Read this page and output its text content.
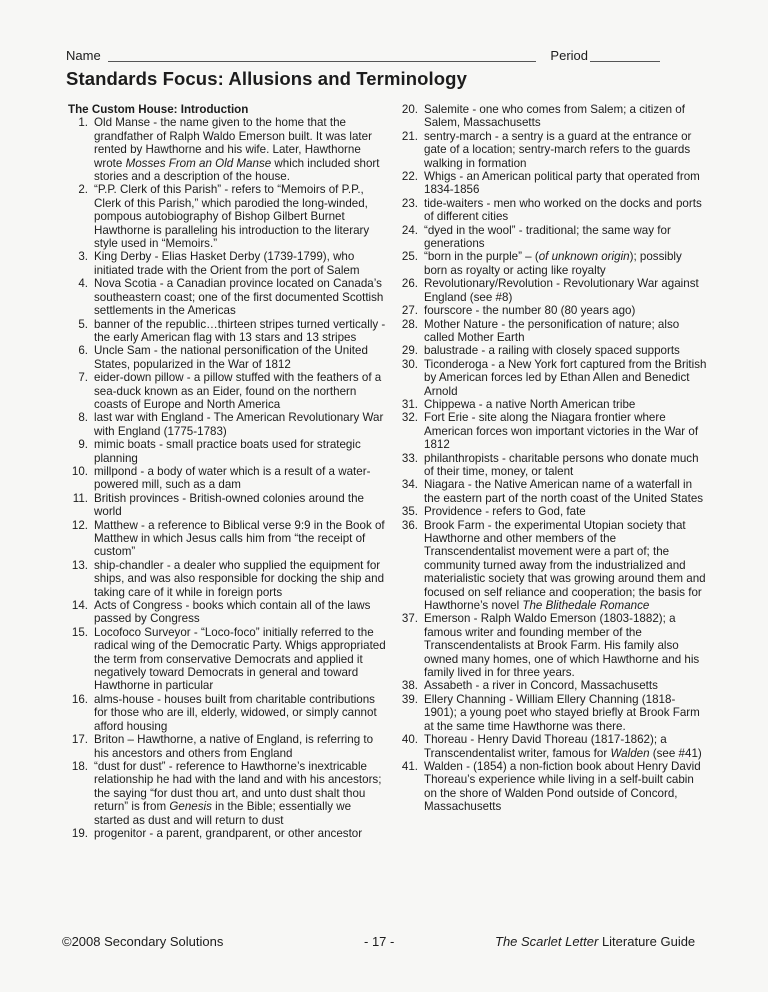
Name	Period
Standards Focus: Allusions and Terminology
The Custom House: Introduction
1. Old Manse - the name given to the home that the grandfather of Ralph Waldo Emerson built. It was later rented by Hawthorne and his wife. Later, Hawthorne wrote Mosses From an Old Manse which included short stories and a description of the house.
2. “P.P. Clerk of this Parish” - refers to “Memoirs of P.P., Clerk of this Parish,” which parodied the long-winded, pompous autobiography of Bishop Gilbert Burnet Hawthorne is paralleling his introduction to the literary style used in “Memoirs.”
3. King Derby - Elias Hasket Derby (1739-1799), who initiated trade with the Orient from the port of Salem
4. Nova Scotia - a Canadian province located on Canada’s southeastern coast; one of the first documented Scottish settlements in the Americas
5. banner of the republic…thirteen stripes turned vertically - the early American flag with 13 stars and 13 stripes
6. Uncle Sam - the national personification of the United States, popularized in the War of 1812
7. eider-down pillow - a pillow stuffed with the feathers of a sea-duck known as an Eider, found on the northern coasts of Europe and North America
8. last war with England - The American Revolutionary War with England (1775-1783)
9. mimic boats - small practice boats used for strategic planning
10. millpond - a body of water which is a result of a water-powered mill, such as a dam
11. British provinces - British-owned colonies around the world
12. Matthew - a reference to Biblical verse 9:9 in the Book of Matthew in which Jesus calls him from “the receipt of custom”
13. ship-chandler - a dealer who supplied the equipment for ships, and was also responsible for docking the ship and taking care of it while in foreign ports
14. Acts of Congress - books which contain all of the laws passed by Congress
15. Locofoco Surveyor - “Loco-foco” initially referred to the radical wing of the Democratic Party. Whigs appropriated the term from conservative Democrats and applied it negatively toward Democrats in general and toward Hawthorne in particular
16. alms-house - houses built from charitable contributions for those who are ill, elderly, widowed, or simply cannot afford housing
17. Briton – Hawthorne, a native of England, is referring to his ancestors and others from England
18. “dust for dust” - reference to Hawthorne’s inextricable relationship he had with the land and with his ancestors; the saying “for dust thou art, and unto dust shalt thou return” is from Genesis in the Bible; essentially we started as dust and will return to dust
19. progenitor - a parent, grandparent, or other ancestor
20. Salemite - one who comes from Salem; a citizen of Salem, Massachusetts
21. sentry-march - a sentry is a guard at the entrance or gate of a location; sentry-march refers to the guards walking in formation
22. Whigs - an American political party that operated from 1834-1856
23. tide-waiters - men who worked on the docks and ports of different cities
24. “dyed in the wool” - traditional; the same way for generations
25. “born in the purple” – (of unknown origin); possibly born as royalty or acting like royalty
26. Revolutionary/Revolution - Revolutionary War against England (see #8)
27. fourscore - the number 80 (80 years ago)
28. Mother Nature - the personification of nature; also called Mother Earth
29. balustrade - a railing with closely spaced supports
30. Ticonderoga - a New York fort captured from the British by American forces led by Ethan Allen and Benedict Arnold
31. Chippewa - a native North American tribe
32. Fort Erie - site along the Niagara frontier where American forces won important victories in the War of 1812
33. philanthropists - charitable persons who donate much of their time, money, or talent
34. Niagara - the Native American name of a waterfall in the eastern part of the north coast of the United States
35. Providence - refers to God, fate
36. Brook Farm - the experimental Utopian society that Hawthorne and other members of the Transcendentalist movement were a part of; the community turned away from the industrialized and materialistic society that was growing around them and focused on self reliance and cooperation; the basis for Hawthorne’s novel The Blithedale Romance
37. Emerson - Ralph Waldo Emerson (1803-1882); a famous writer and founding member of the Transcendentalists at Brook Farm. His family also owned many homes, one of which Hawthorne and his family lived in for three years.
38. Assabeth - a river in Concord, Massachusetts
39. Ellery Channing - William Ellery Channing (1818-1901); a young poet who stayed briefly at Brook Farm at the same time Hawthorne was there.
40. Thoreau - Henry David Thoreau (1817-1862); a Transcendentalist writer, famous for Walden (see #41)
41. Walden - (1854) a non-fiction book about Henry David Thoreau’s experience while living in a self-built cabin on the shore of Walden Pond outside of Concord, Massachusetts
©2008 Secondary Solutions	- 17 -	The Scarlet Letter Literature Guide
